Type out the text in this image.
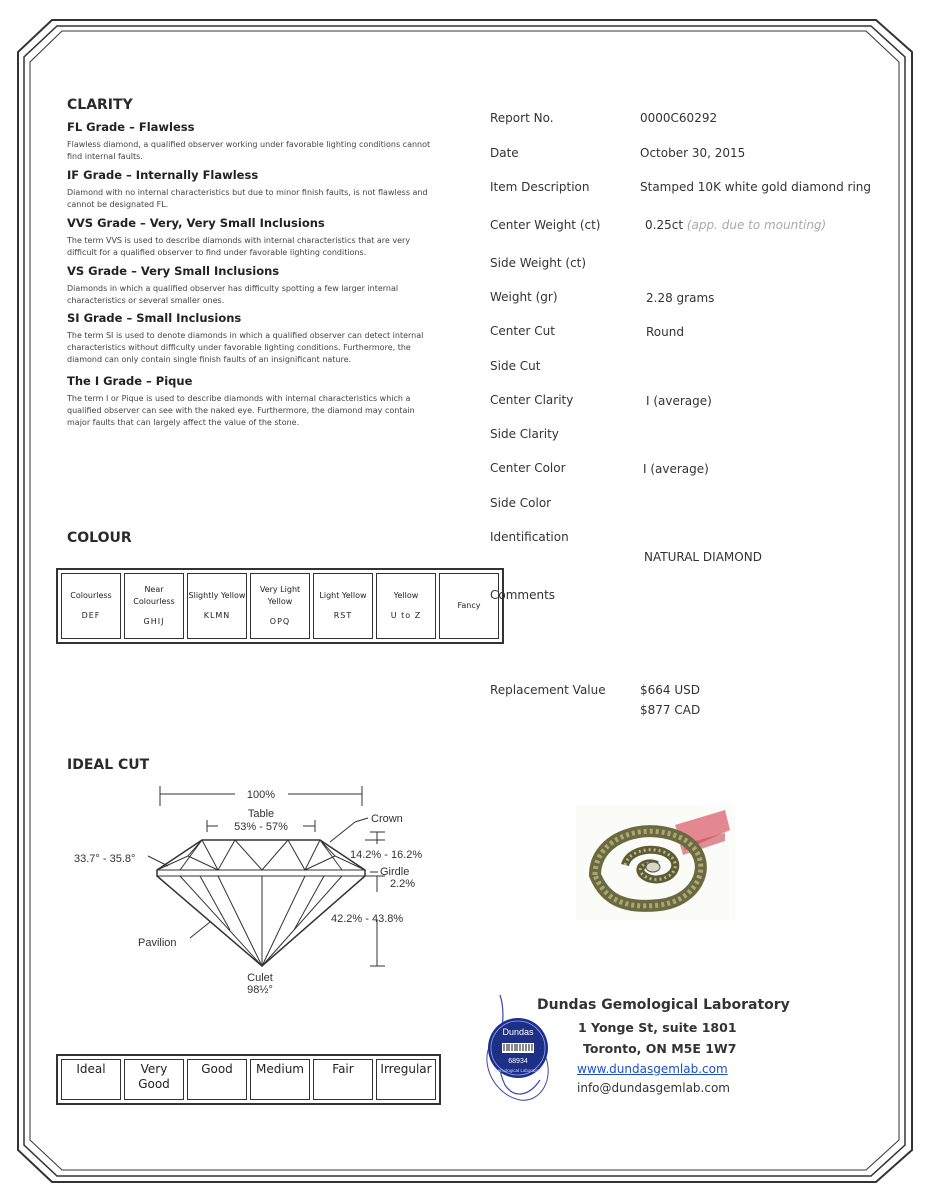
CLARITY
FL Grade – Flawless
Flawless diamond, a qualified observer working under favorable lighting conditions cannot find internal faults.
IF Grade – Internally Flawless
Diamond with no internal characteristics but due to minor finish faults, is not flawless and cannot be designated FL.
VVS Grade – Very, Very Small Inclusions
The term VVS is used to describe diamonds with internal characteristics that are very difficult for a qualified observer to find under favorable lighting conditions.
VS Grade – Very Small Inclusions
Diamonds in which a qualified observer has difficulty spotting a few larger internal characteristics or several smaller ones.
SI Grade – Small Inclusions
The term SI is used to denote diamonds in which a qualified observer can detect internal characteristics without difficulty under favorable lighting conditions. Furthermore, the diamond can only contain single finish faults of an insignificant nature.
The I Grade – Pique
The term I or Pique is used to describe diamonds with internal characteristics which a qualified observer can see with the naked eye. Furthermore, the diamond may contain major faults that can largely affect the value of the stone.
COLOUR
Colourless
DEF
	Near Colourless
GHIJ
	Slightly Yellow
KLMN
	Very Light Yellow
OPQ
	Light Yellow
RST
	Yellow
U to Z
	Fancy
IDEAL CUT
100%
Table
53% - 57%
Crown
33.7° - 35.8°	14.2% - 16.2%
Girdle
2.2%
42.2% - 43.8%
Pavilion
Culet
98½°
Ideal	Very Good	Good	Medium	Fair	Irregular
Report No.	0000C60292
Date	October 30, 2015
Item Description	Stamped 10K white gold diamond ring
Center Weight (ct)	0.25ct (app. due to mounting)
Side Weight (ct)
Weight (gr)	2.28 grams
Center Cut	Round
Side Cut
Center Clarity	I (average)
Side Clarity
Center Color	I (average)
Side Color
Identification
NATURAL DIAMOND
Comments
Replacement Value	$664 USD
$877 CAD
Dundas
68934
Gemological Laboratory
Dundas Gemological Laboratory
1 Yonge St, suite 1801
Toronto, ON M5E 1W7
www.dundasgemlab.com
info@dundasgemlab.com
